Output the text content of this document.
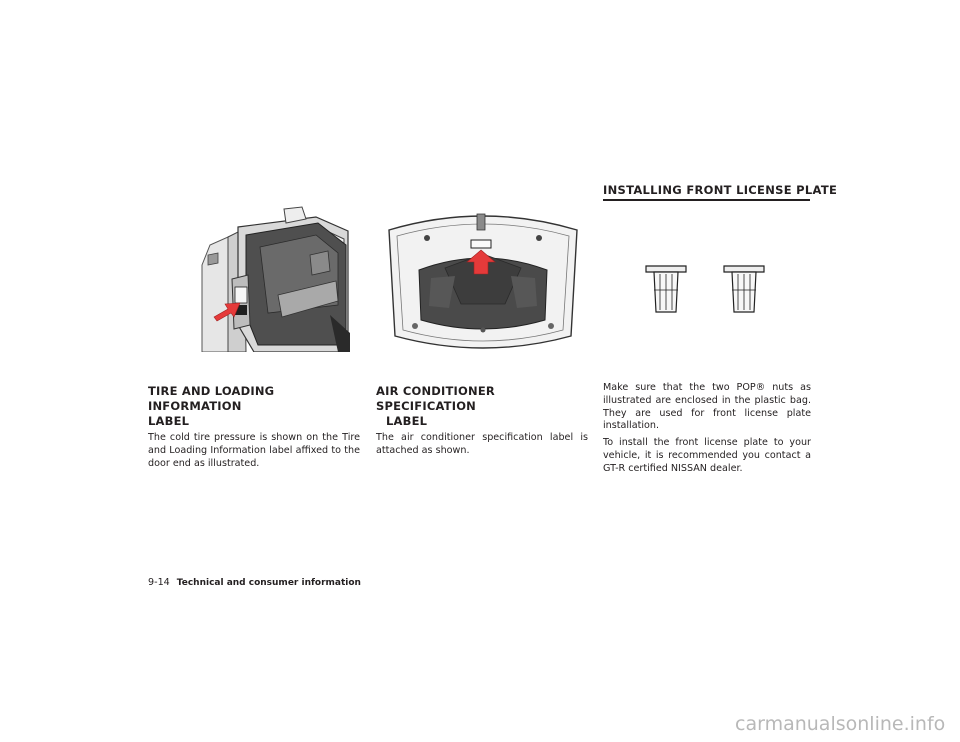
INSTALLING FRONT LICENSE PLATE
TIRE AND LOADING INFORMATION
LABEL

The cold tire pressure is shown on the Tire and Loading Information label affixed to the door end as illustrated.

AIR CONDITIONER SPECIFICATION
LABEL

The air conditioner specification label is attached as shown.

Make sure that the two POP® nuts as illustrated are enclosed in the plastic bag. They are used for front license plate installation.

To install the front license plate to your vehicle, it is recommended you contact a GT-R certified NISSAN dealer.

9-14 Technical and consumer information
carmanualsonline.info
